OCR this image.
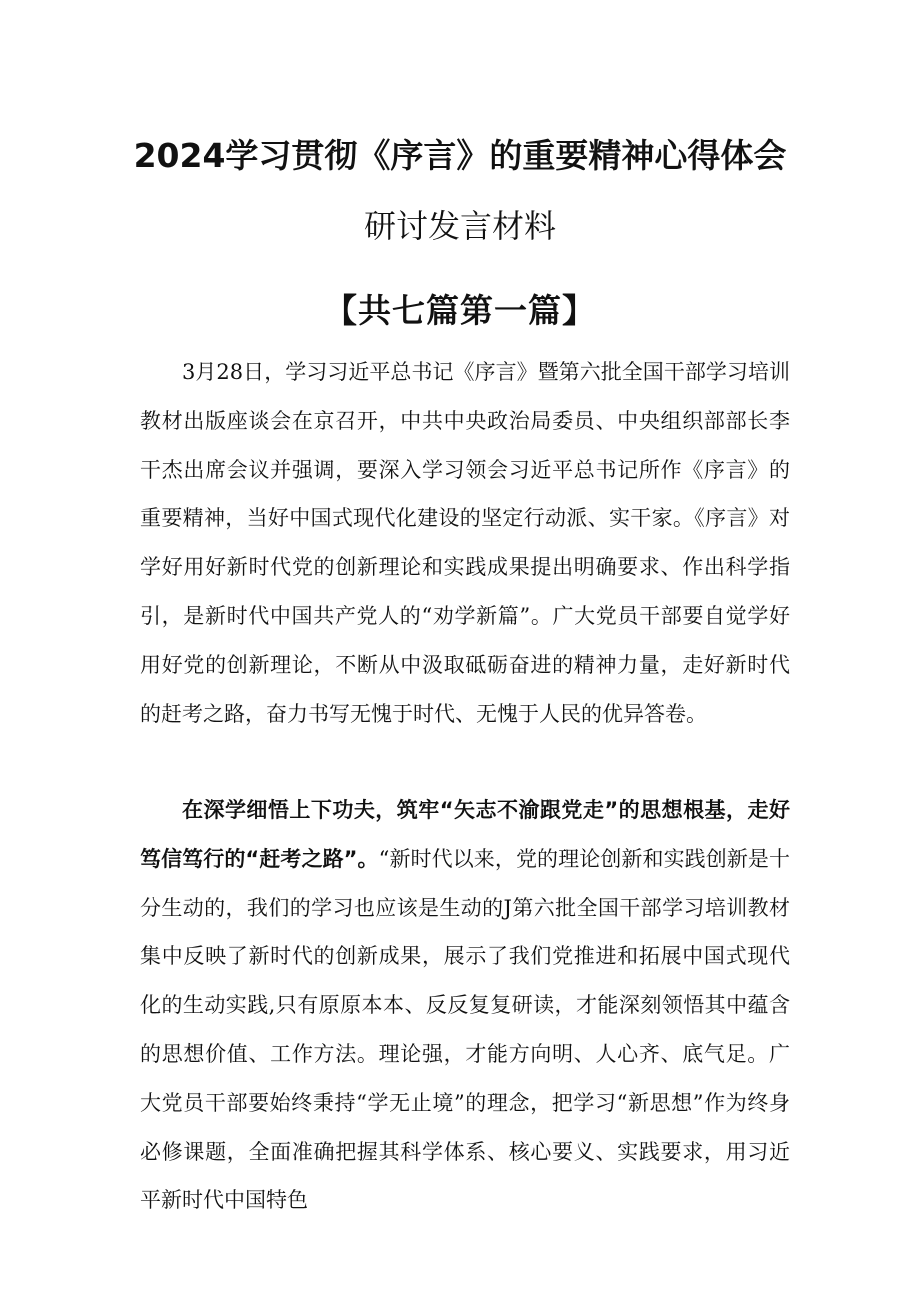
2024学习贯彻《序言》的重要精神心得体会
研讨发言材料
【共七篇第一篇】

3月28日，学习习近平总书记《序言》暨第六批全国干部学习培训教材出版座谈会在京召开，中共中央政治局委员、中央组织部部长李干杰出席会议并强调，要深入学习领会习近平总书记所作《序言》的重要精神，当好中国式现代化建设的坚定行动派、实干家。《序言》对学好用好新时代党的创新理论和实践成果提出明确要求、作出科学指引，是新时代中国共产党人的“劝学新篇”。广大党员干部要自觉学好用好党的创新理论，不断从中汲取砥砺奋进的精神力量，走好新时代的赶考之路，奋力书写无愧于时代、无愧于人民的优异答卷。

在深学细悟上下功夫，筑牢“矢志不渝跟党走”的思想根基，走好笃信笃行的“赶考之路”。“新时代以来，党的理论创新和实践创新是十分生动的，我们的学习也应该是生动的J第六批全国干部学习培训教材集中反映了新时代的创新成果，展示了我们党推进和拓展中国式现代化的生动实践,只有原原本本、反反复复研读，才能深刻领悟其中蕴含的思想价值、工作方法。理论强，才能方向明、人心齐、底气足。广大党员干部要始终秉持“学无止境”的理念，把学习“新思想”作为终身必修课题，全面准确把握其科学体系、核心要义、实践要求，用习近平新时代中国特色
